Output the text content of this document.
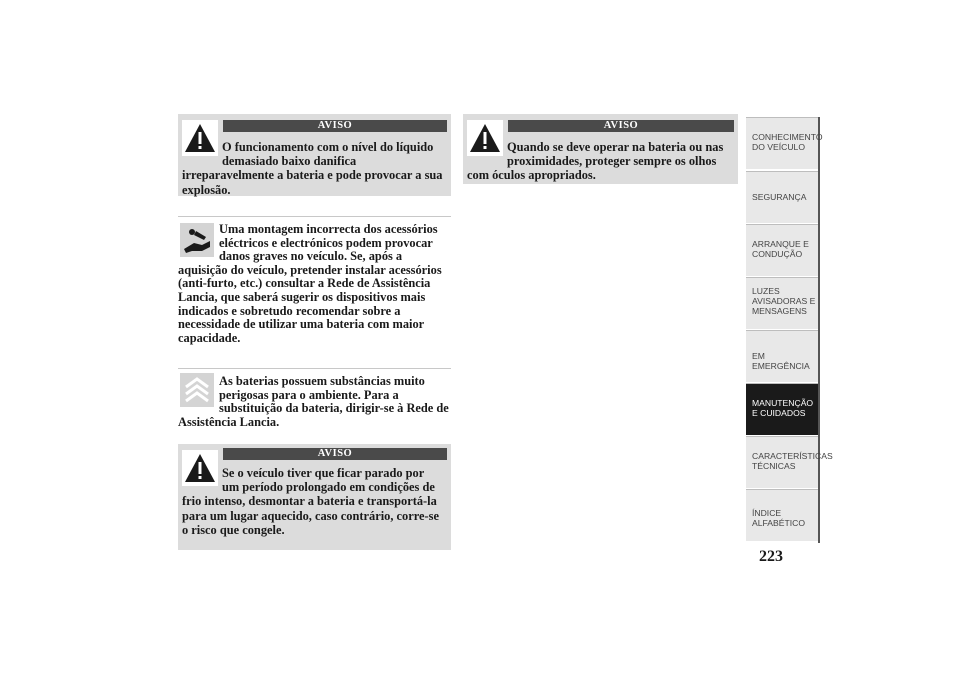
AVISO
O funcionamento com o nível do líquido demasiado baixo danifica irreparavelmente a bateria e pode provocar a sua explosão.
Uma montagem incorrecta dos acessórios eléctricos e electrónicos podem provocar danos graves no veículo. Se, após a aquisição do veículo, pretender instalar acessórios (anti-furto, etc.) consultar a Rede de Assistência Lancia, que saberá sugerir os dispositivos mais indicados e sobretudo recomendar sobre a necessidade de utilizar uma bateria com maior capacidade.
As baterias possuem substâncias muito perigosas para o ambiente. Para a substituição da bateria, dirigir-se à Rede de Assistência Lancia.
AVISO
Se o veículo tiver que ficar parado por um período prolongado em condições de frio intenso, desmontar a bateria e transportá-la para um lugar aquecido, caso contrário, corre-se o risco que congele.
AVISO
Quando se deve operar na bateria ou nas proximidades, proteger sempre os olhos com óculos apropriados.
CONHECIMENTO DO VEÍCULO
SEGURANÇA
ARRANQUE E CONDUÇÃO
LUZES AVISADORAS E MENSAGENS
EM EMERGÊNCIA
MANUTENÇÃO E CUIDADOS
CARACTERÍSTICAS TÉCNICAS
ÍNDICE ALFABÉTICO
223
